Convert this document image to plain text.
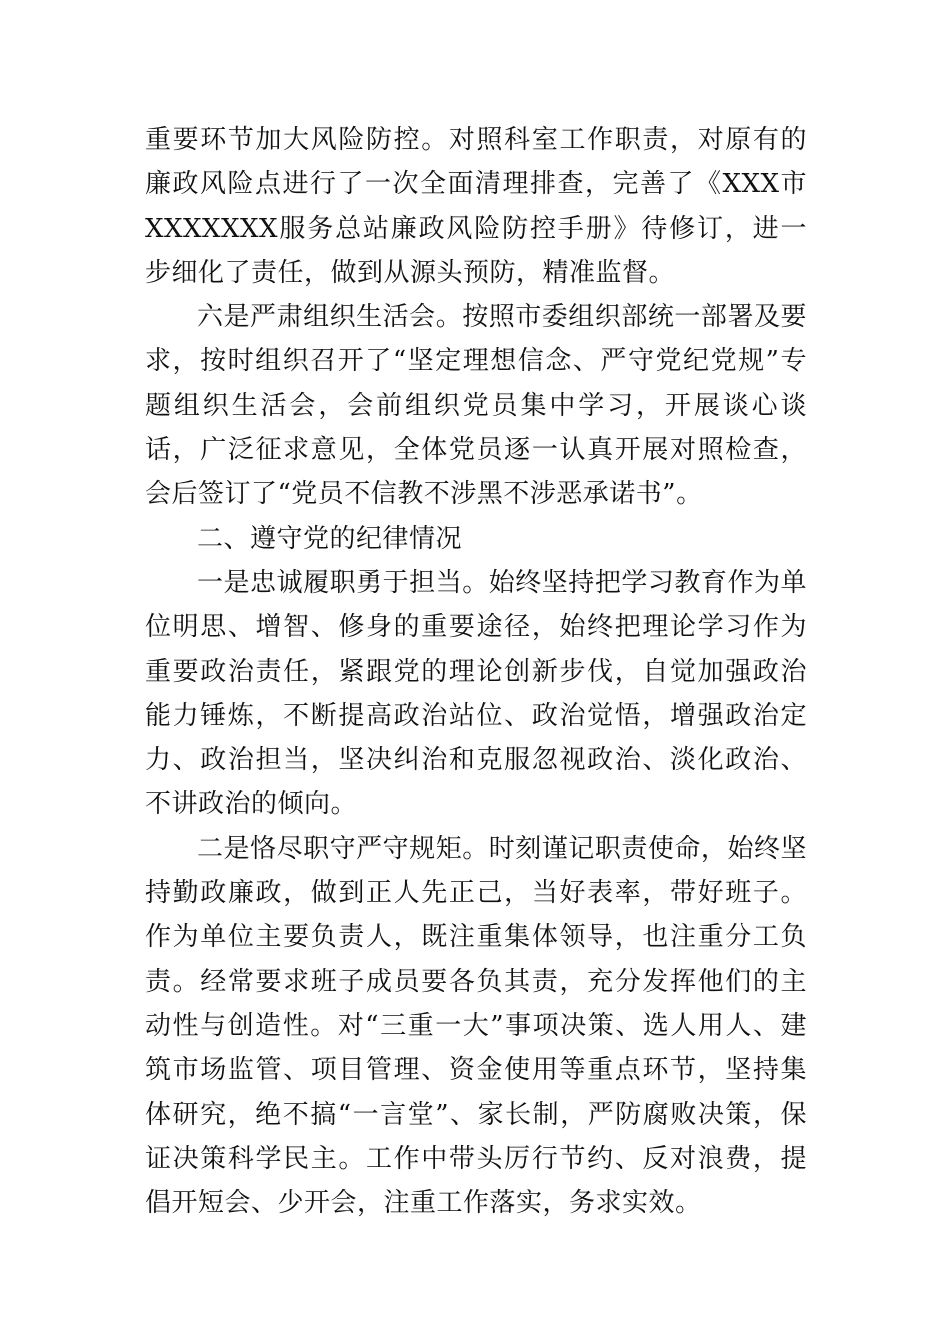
重要环节加大风险防控。对照科室工作职责，对原有的廉政风险点进行了一次全面清理排查，完善了《XXX市XXXXXXX服务总站廉政风险防控手册》待修订，进一步细化了责任，做到从源头预防，精准监督。

六是严肃组织生活会。按照市委组织部统一部署及要求，按时组织召开了“坚定理想信念、严守党纪党规”专题组织生活会，会前组织党员集中学习，开展谈心谈话，广泛征求意见，全体党员逐一认真开展对照检查，会后签订了“党员不信教不涉黑不涉恶承诺书”。

二、遵守党的纪律情况

一是忠诚履职勇于担当。始终坚持把学习教育作为单位明思、增智、修身的重要途径，始终把理论学习作为重要政治责任，紧跟党的理论创新步伐，自觉加强政治能力锤炼，不断提高政治站位、政治觉悟，增强政治定力、政治担当，坚决纠治和克服忽视政治、淡化政治、不讲政治的倾向。

二是恪尽职守严守规矩。时刻谨记职责使命，始终坚持勤政廉政，做到正人先正己，当好表率，带好班子。作为单位主要负责人，既注重集体领导，也注重分工负责。经常要求班子成员要各负其责，充分发挥他们的主动性与创造性。对“三重一大”事项决策、选人用人、建筑市场监管、项目管理、资金使用等重点环节，坚持集体研究，绝不搞“一言堂”、家长制，严防腐败决策，保证决策科学民主。工作中带头厉行节约、反对浪费，提倡开短会、少开会，注重工作落实，务求实效。
